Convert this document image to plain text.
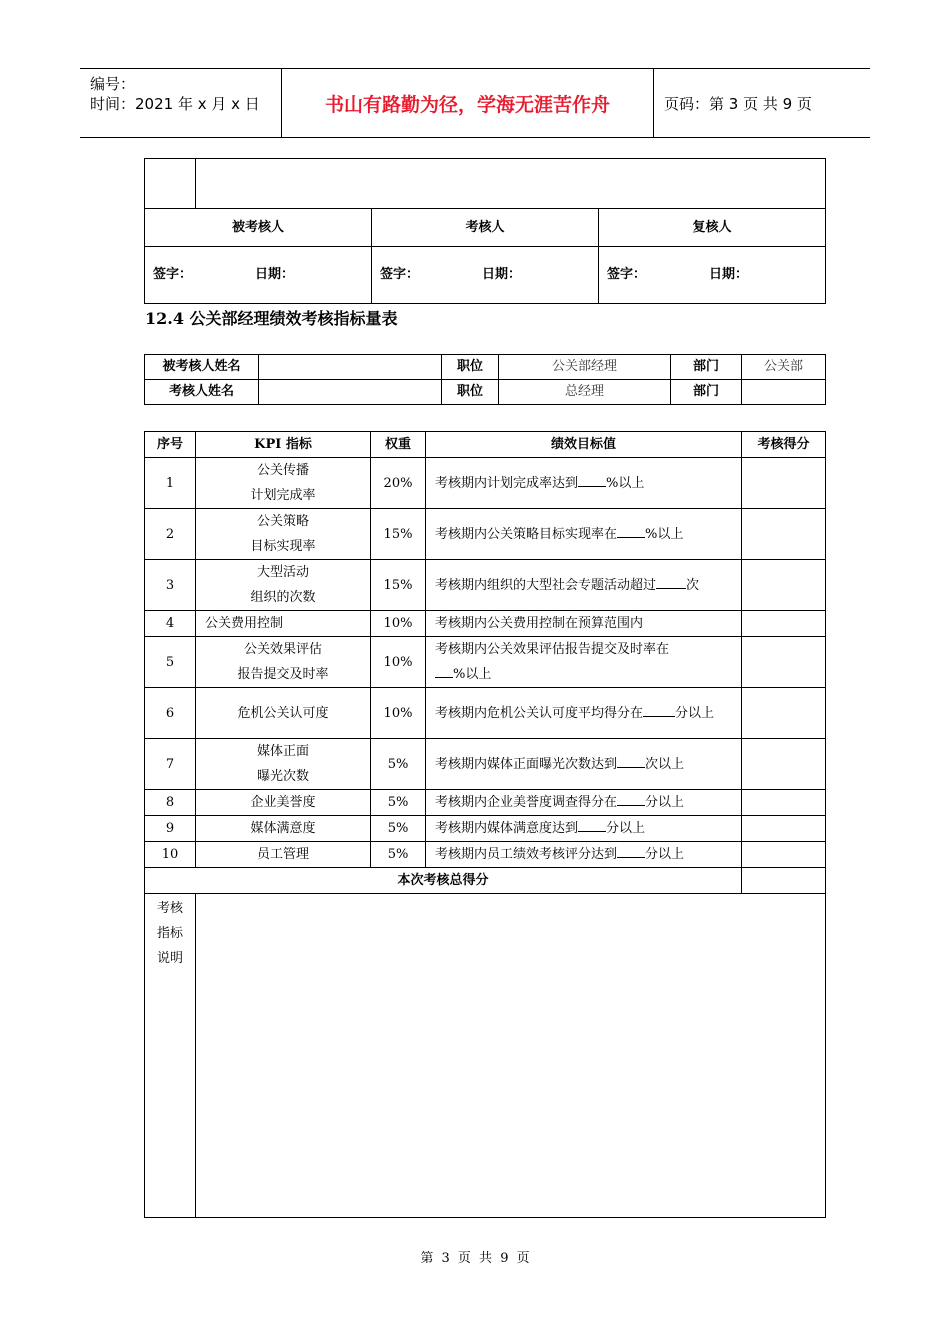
编号：
时间：2021 年 x 月 x 日	书山有路勤为径，学海无涯苦作舟	页码：第 3 页 共 9 页

被考核人		考核人	复核人

签字： 日期：		签字： 日期：	签字： 日期：
12.4 公关部经理绩效考核指标量表
被考核人姓名		职位	公关部经理	部门	公关部
考核人姓名		职位	总经理	部门	
序号	KPI 指标	权重	绩效目标值	考核得分
1	公关传播
计划完成率	20%	考核期内计划完成率达到 %以上	
2	公关策略
目标实现率	15%	考核期内公关策略目标实现率在 %以上	
3	大型活动
组织的次数	15%	考核期内组织的大型社会专题活动超过 次	
4	公关费用控制	10%	考核期内公关费用控制在预算范围内	
5	公关效果评估
报告提交及时率	10%	考核期内公关效果评估报告提交及时率在
%以上	
6	危机公关认可度	10%	考核期内危机公关认可度平均得分在 分以上	
7	媒体正面
曝光次数	5%	考核期内媒体正面曝光次数达到 次以上	
8	企业美誉度	5%	考核期内企业美誉度调查得分在 分以上	
9	媒体满意度	5%	考核期内媒体满意度达到 分以上	
10	员工管理	5%	考核期内员工绩效考核评分达到 分以上	
本次考核总得分				

考核
指标
说明				

第 3 页 共 9 页
